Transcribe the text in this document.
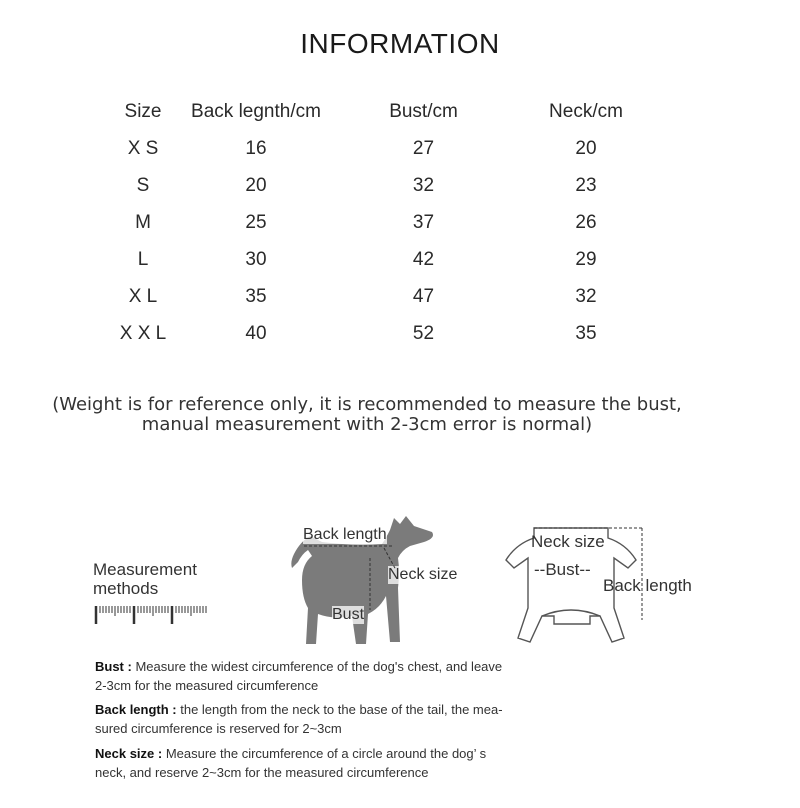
INFORMATION
Size	Back legnth/cm	Bust/cm	Neck/cm
X S	16	27	20
S	20	32	23
M	25	37	26
L	30	42	29
X L	35	47	32
X X L	40	52	35
(Weight is for reference only, it is recommended to measure the bust,
manual measurement with 2-3cm error is normal)
Measurement
methods
Back length
Neck size
Bust
Neck size
--Bust--
Back length
Bust : Measure the widest circumference of the dog's chest, and leave
2-3cm for the measured circumference
Back length : the length from the neck to the base of the tail, the mea-
sured circumference is reserved for 2~3cm
Neck size : Measure the circumference of a circle around the dog’ s
neck, and reserve 2~3cm for the measured circumference
